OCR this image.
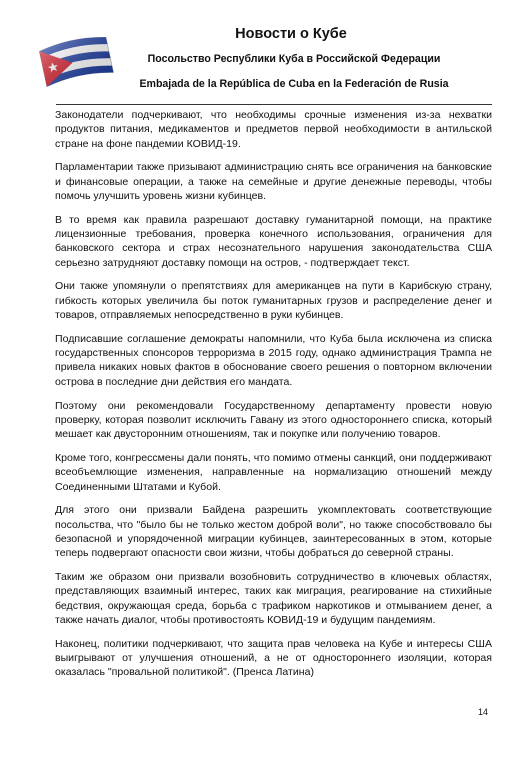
Новости о Кубе
Посольство Республики Куба в Российской Федерации
Embajada de la República de Cuba en la Federación de Rusia

Законодатели подчеркивают, что необходимы срочные изменения из-за нехватки продуктов питания, медикаментов и предметов первой необходимости в антильской стране на фоне пандемии КОВИД-19.

Парламентарии также призывают администрацию снять все ограничения на банковские и финансовые операции, а также на семейные и другие денежные переводы, чтобы помочь улучшить уровень жизни кубинцев.

В то время как правила разрешают доставку гуманитарной помощи, на практике лицензионные требования, проверка конечного использования, ограничения для банковского сектора и страх несознательного нарушения законодательства США серьезно затрудняют доставку помощи на остров, - подтверждает текст.

Они также упомянули о препятствиях для американцев на пути в Карибскую страну, гибкость которых увеличила бы поток гуманитарных грузов и распределение денег и товаров, отправляемых непосредственно в руки кубинцев.

Подписавшие соглашение демократы напомнили, что Куба была исключена из списка государственных спонсоров терроризма в 2015 году, однако администрация Трампа не привела никаких новых фактов в обоснование своего решения о повторном включении острова в последние дни действия его мандата.

Поэтому они рекомендовали Государственному департаменту провести новую проверку, которая позволит исключить Гавану из этого одностороннего списка, который мешает как двусторонним отношениям, так и покупке или получению товаров.

Кроме того, конгрессмены дали понять, что помимо отмены санкций, они поддерживают всеобъемлющие изменения, направленные на нормализацию отношений между Соединенными Штатами и Кубой.

Для этого они призвали Байдена разрешить укомплектовать соответствующие посольства, что "было бы не только жестом доброй воли", но также способствовало бы безопасной и упорядоченной миграции кубинцев, заинтересованных в этом, которые теперь подвергают опасности свои жизни, чтобы добраться до северной страны.

Таким же образом они призвали возобновить сотрудничество в ключевых областях, представляющих взаимный интерес, таких как миграция, реагирование на стихийные бедствия, окружающая среда, борьба с трафиком наркотиков и отмыванием денег, а также начать диалог, чтобы противостоять КОВИД-19 и будущим пандемиям.

Наконец, политики подчеркивают, что защита прав человека на Кубе и интересы США выигрывают от улучшения отношений, а не от одностороннего изоляции, которая оказалась "провальной политикой". (Пренса Латина)

14
